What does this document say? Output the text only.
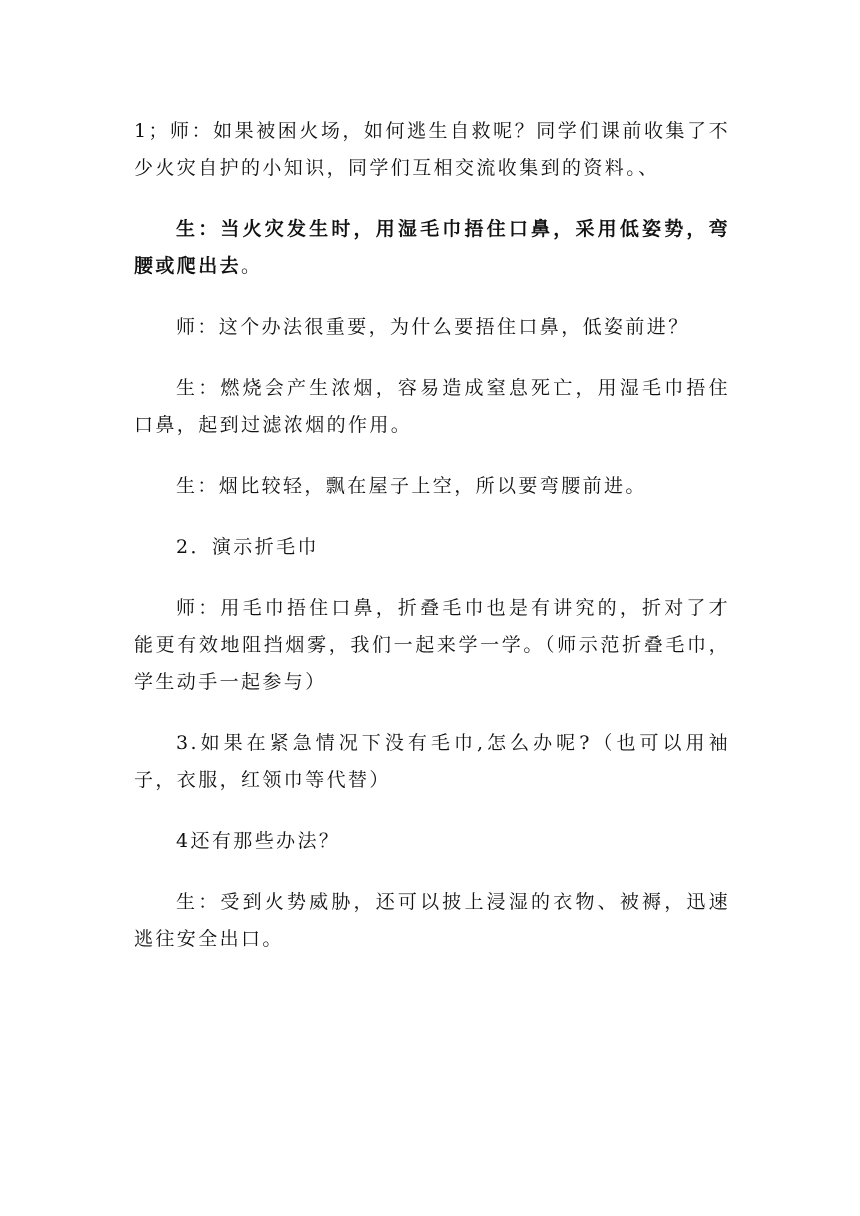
1；师：如果被困火场，如何逃生自救呢？同学们课前收集了不少火灾自护的小知识，同学们互相交流收集到的资料。、

生：当火灾发生时，用湿毛巾捂住口鼻，采用低姿势，弯腰或爬出去。

师：这个办法很重要，为什么要捂住口鼻，低姿前进？

生：燃烧会产生浓烟，容易造成窒息死亡，用湿毛巾捂住口鼻，起到过滤浓烟的作用。

生：烟比较轻，飘在屋子上空，所以要弯腰前进。

2．演示折毛巾

师：用毛巾捂住口鼻，折叠毛巾也是有讲究的，折对了才能更有效地阻挡烟雾，我们一起来学一学。（师示范折叠毛巾，学生动手一起参与）

3.如果在紧急情况下没有毛巾,怎么办呢?（也可以用袖子，衣服，红领巾等代替）

4还有那些办法？

生：受到火势威胁，还可以披上浸湿的衣物、被褥，迅速逃往安全出口。
